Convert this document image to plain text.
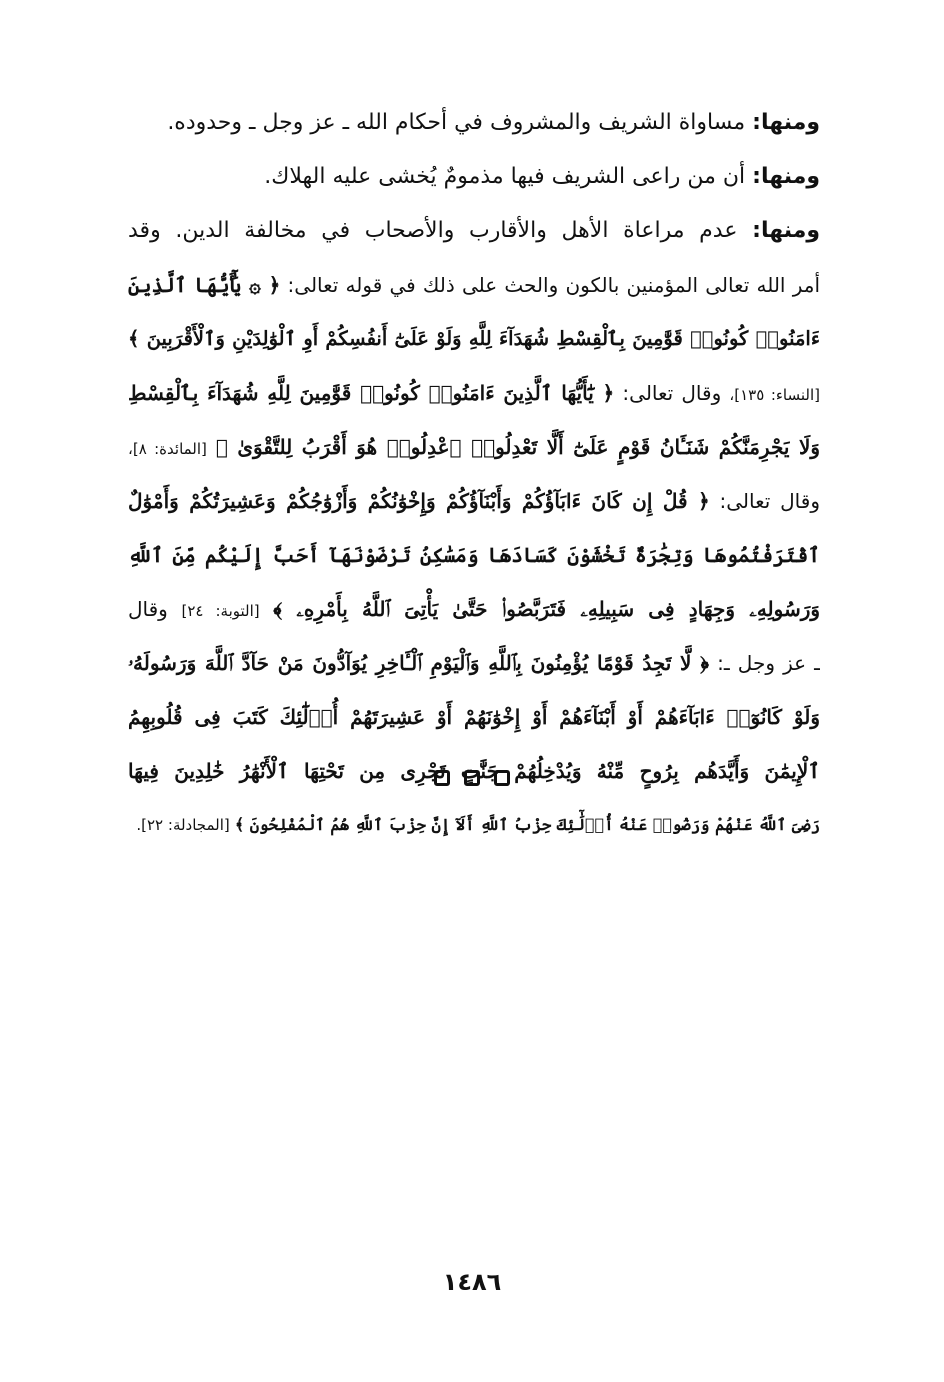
ومنها: مساواة الشريف والمشروف في أحكام الله ـ عز وجل ـ وحدوده.
ومنها: أن من راعى الشريف فيها مذمومٌ يُخشى عليه الهلاك.
ومنها: عدم مراعاة الأهل والأقارب والأصحاب في مخالفة الدين. وقد
أمر الله تعالى المؤمنين بالكون والحث على ذلك في قوله تعالى: ﴿ ۞ يَٰٓأَيُّهَا ٱلَّذِينَ
ءَامَنُوا۟ كُونُوا۟ قَوَّٰمِينَ بِٱلْقِسْطِ شُهَدَآءَ لِلَّهِ وَلَوْ عَلَىٰٓ أَنفُسِكُمْ أَوِ ٱلْوَٰلِدَيْنِ وَٱلْأَقْرَبِينَ ﴾
[النساء: ١٣٥]، وقال تعالى: ﴿ يَٰٓأَيُّهَا ٱلَّذِينَ ءَامَنُوا۟ كُونُوا۟ قَوَّٰمِينَ لِلَّهِ شُهَدَآءَ بِٱلْقِسْطِ
وَلَا يَجْرِمَنَّكُمْ شَنَـَٔانُ قَوْمٍ عَلَىٰٓ أَلَّا تَعْدِلُوا۟ ٱعْدِلُوا۟ هُوَ أَقْرَبُ لِلتَّقْوَىٰ ﴾ [المائدة: ٨]،
وقال تعالى: ﴿ قُلْ إِن كَانَ ءَابَآؤُكُمْ وَأَبْنَآؤُكُمْ وَإِخْوَٰنُكُمْ وَأَزْوَٰجُكُمْ وَعَشِيرَتُكُمْ وَأَمْوَٰلٌ
ٱقْتَرَفْتُمُوهَا وَتِجَٰرَةٌ تَخْشَوْنَ كَسَادَهَا وَمَسَٰكِنُ تَرْضَوْنَهَآ أَحَبَّ إِلَيْكُم مِّنَ ٱللَّهِ
وَرَسُولِهِۦ وَجِهَادٍ فِى سَبِيلِهِۦ فَتَرَبَّصُوا۟ حَتَّىٰ يَأْتِىَ ٱللَّهُ بِأَمْرِهِۦ ﴾ [التوبة: ٢٤] وقال
ـ عز وجل ـ: ﴿ لَّا تَجِدُ قَوْمًا يُؤْمِنُونَ بِٱللَّهِ وَٱلْيَوْمِ ٱلْـَٔاخِرِ يُوَآدُّونَ مَنْ حَآدَّ ٱللَّهَ وَرَسُولَهُۥ
وَلَوْ كَانُوٓا۟ ءَابَآءَهُمْ أَوْ أَبْنَآءَهُمْ أَوْ إِخْوَٰنَهُمْ أَوْ عَشِيرَتَهُمْ أُو۟لَٰٓئِكَ كَتَبَ فِى قُلُوبِهِمُ
ٱلْإِيمَٰنَ وَأَيَّدَهُم بِرُوحٍ مِّنْهُ وَيُدْخِلُهُمْ جَنَّٰتٍ تَجْرِى مِن تَحْتِهَا ٱلْأَنْهَٰرُ خَٰلِدِينَ فِيهَا
رَضِىَ ٱللَّهُ عَنْهُمْ وَرَضُوا۟ عَنْهُ أُو۟لَٰٓئِكَ حِزْبُ ٱللَّهِ أَلَآ إِنَّ حِزْبَ ٱللَّهِ هُمُ ٱلْمُفْلِحُونَ ﴾ [المجادلة: ٢٢].
١٤٨٦
